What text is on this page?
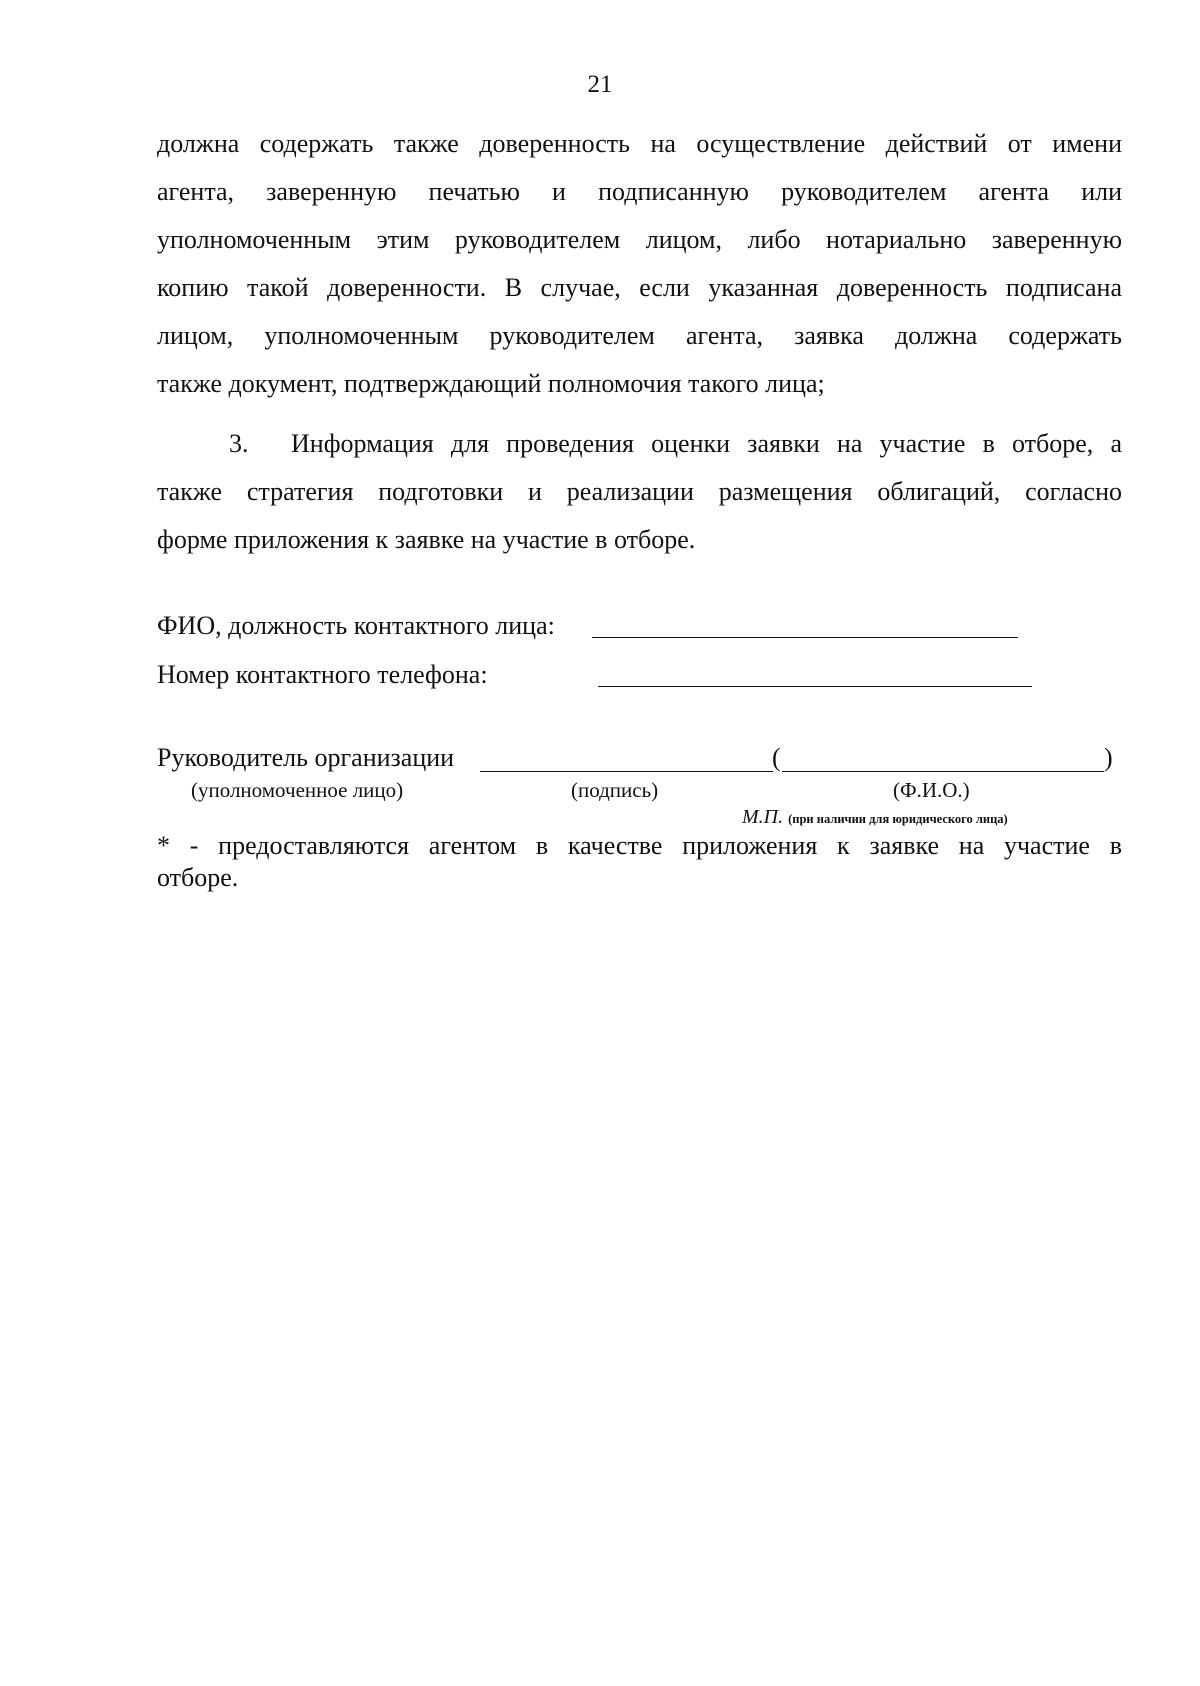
21
должна содержать также доверенность на осуществление действий от имени
агента, заверенную печатью и подписанную руководителем агента или
уполномоченным этим руководителем лицом, либо нотариально заверенную
копию такой доверенности. В случае, если указанная доверенность подписана
лицом, уполномоченным руководителем агента, заявка должна содержать
также документ, подтверждающий полномочия такого лица;
3. Информация для проведения оценки заявки на участие в отборе, а
также стратегия подготовки и реализации размещения облигаций, согласно
форме приложения к заявке на участие в отборе.
ФИО, должность контактного лица:
Номер контактного телефона:
Руководитель организации	(	)
(уполномоченное лицо)	(подпись)	(Ф.И.О.)
М.П. (при наличии для юридического лица)
* - предоставляются агентом в качестве приложения к заявке на участие в
отборе.
